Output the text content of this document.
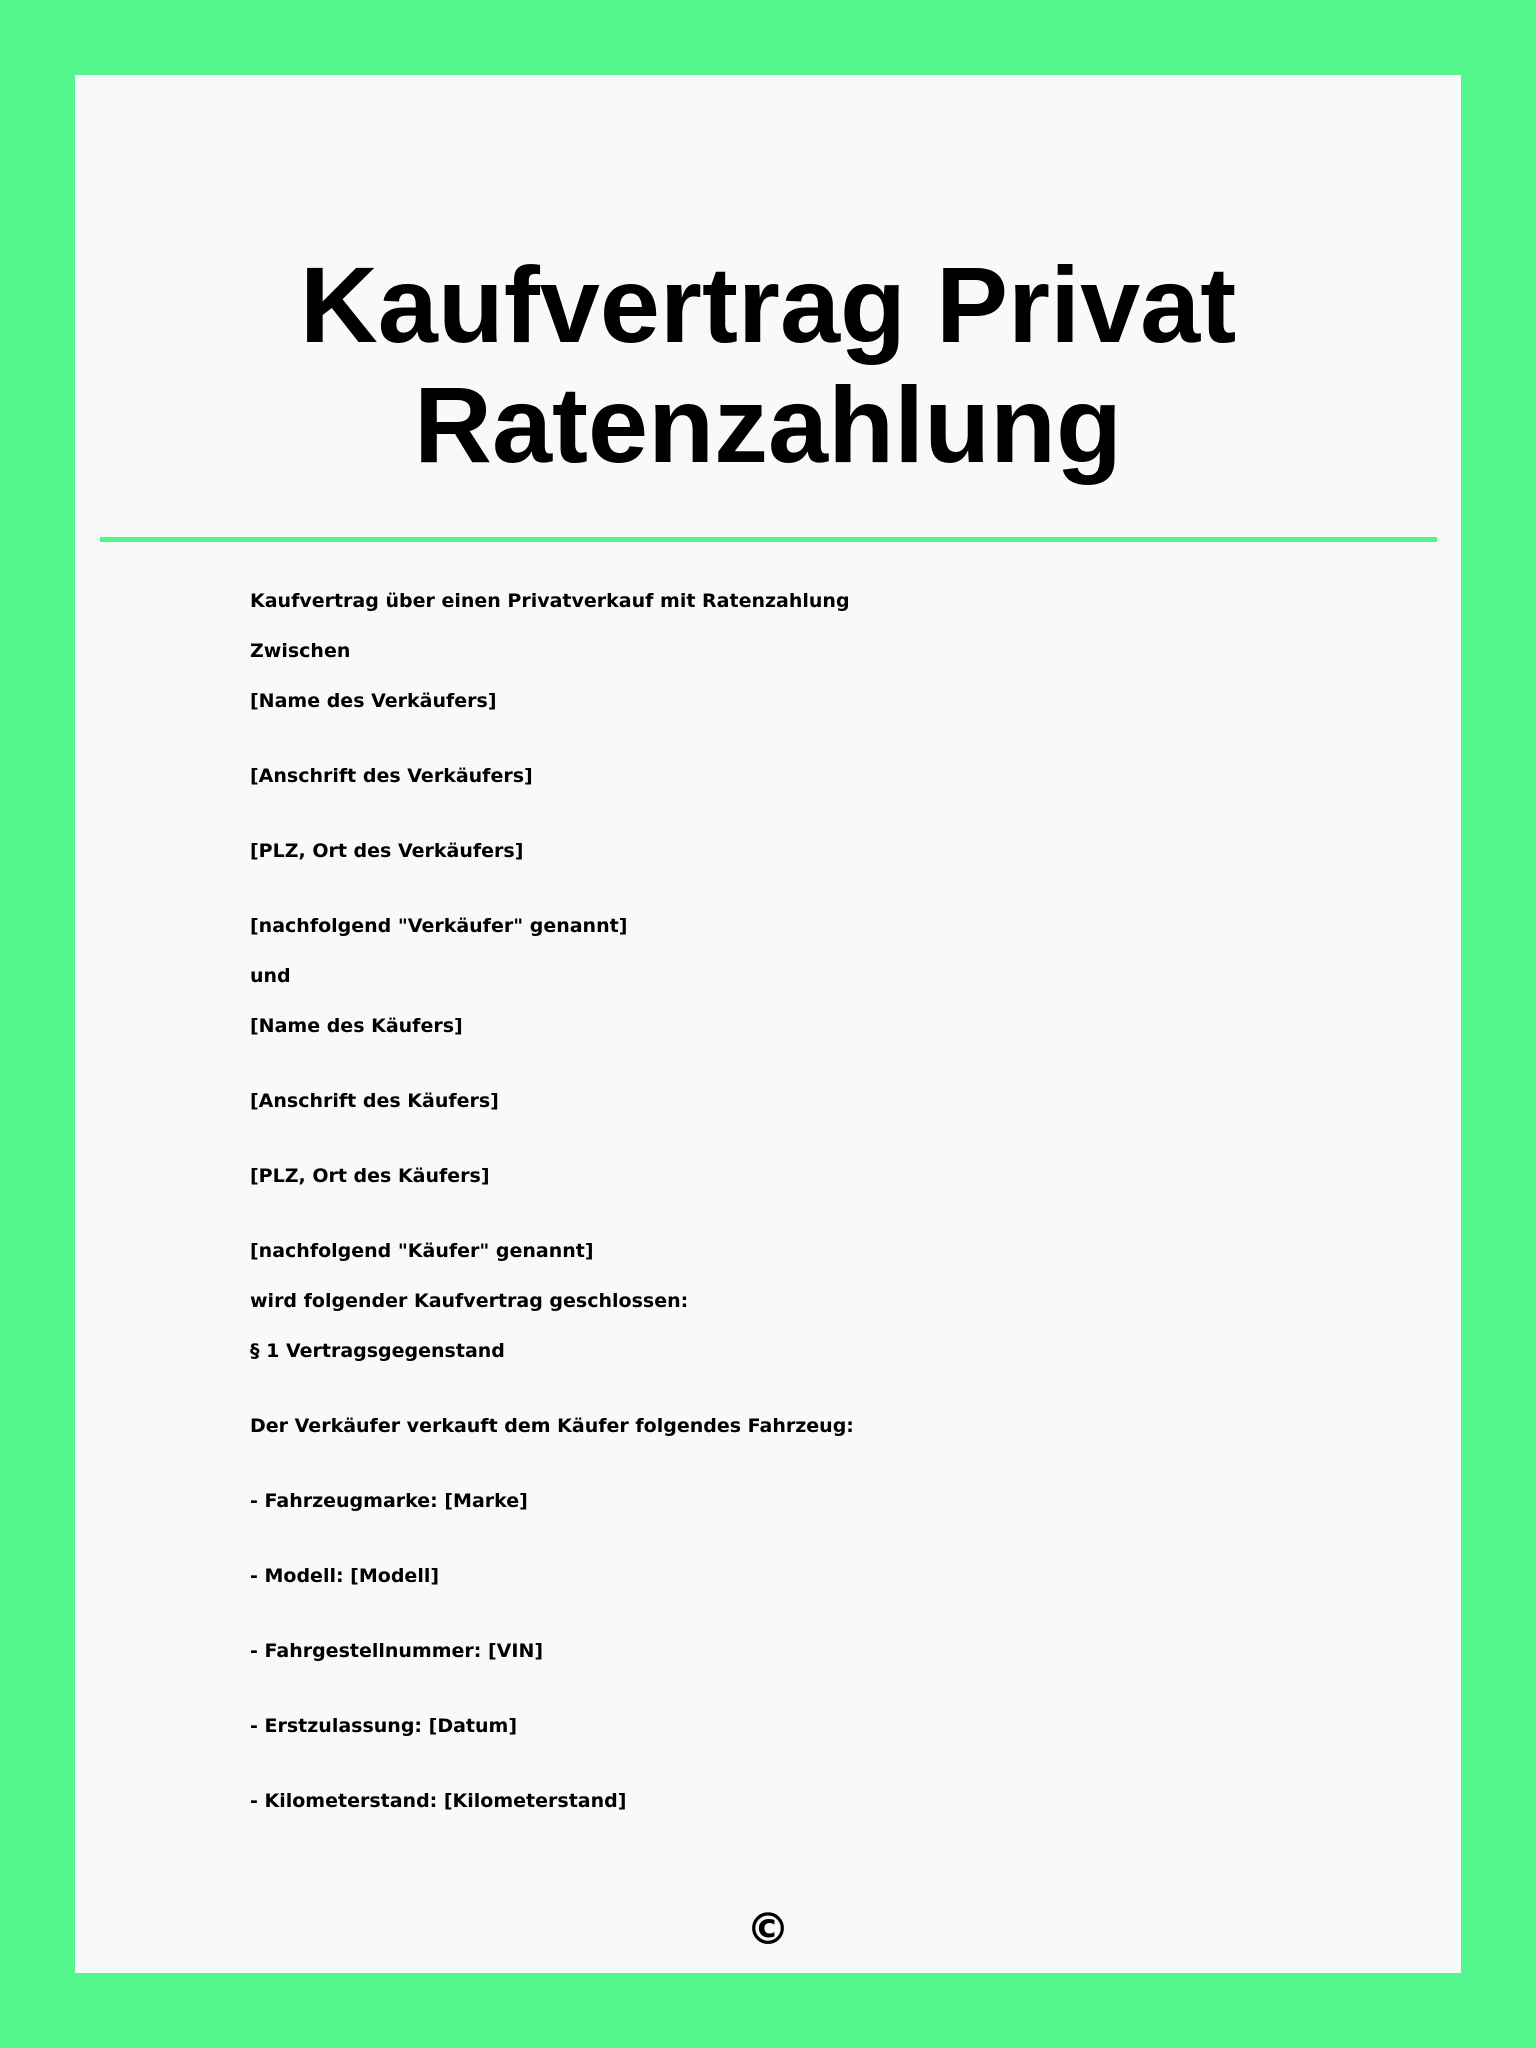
Kaufvertrag Privat
Ratenzahlung
Kaufvertrag über einen Privatverkauf mit Ratenzahlung
Zwischen
[Name des Verkäufers]
[Anschrift des Verkäufers]
[PLZ, Ort des Verkäufers]
[nachfolgend "Verkäufer" genannt]
und
[Name des Käufers]
[Anschrift des Käufers]
[PLZ, Ort des Käufers]
[nachfolgend "Käufer" genannt]
wird folgender Kaufvertrag geschlossen:
§ 1 Vertragsgegenstand
Der Verkäufer verkauft dem Käufer folgendes Fahrzeug:
- Fahrzeugmarke: [Marke]
- Modell: [Modell]
- Fahrgestellnummer: [VIN]
- Erstzulassung: [Datum]
- Kilometerstand: [Kilometerstand]
©
